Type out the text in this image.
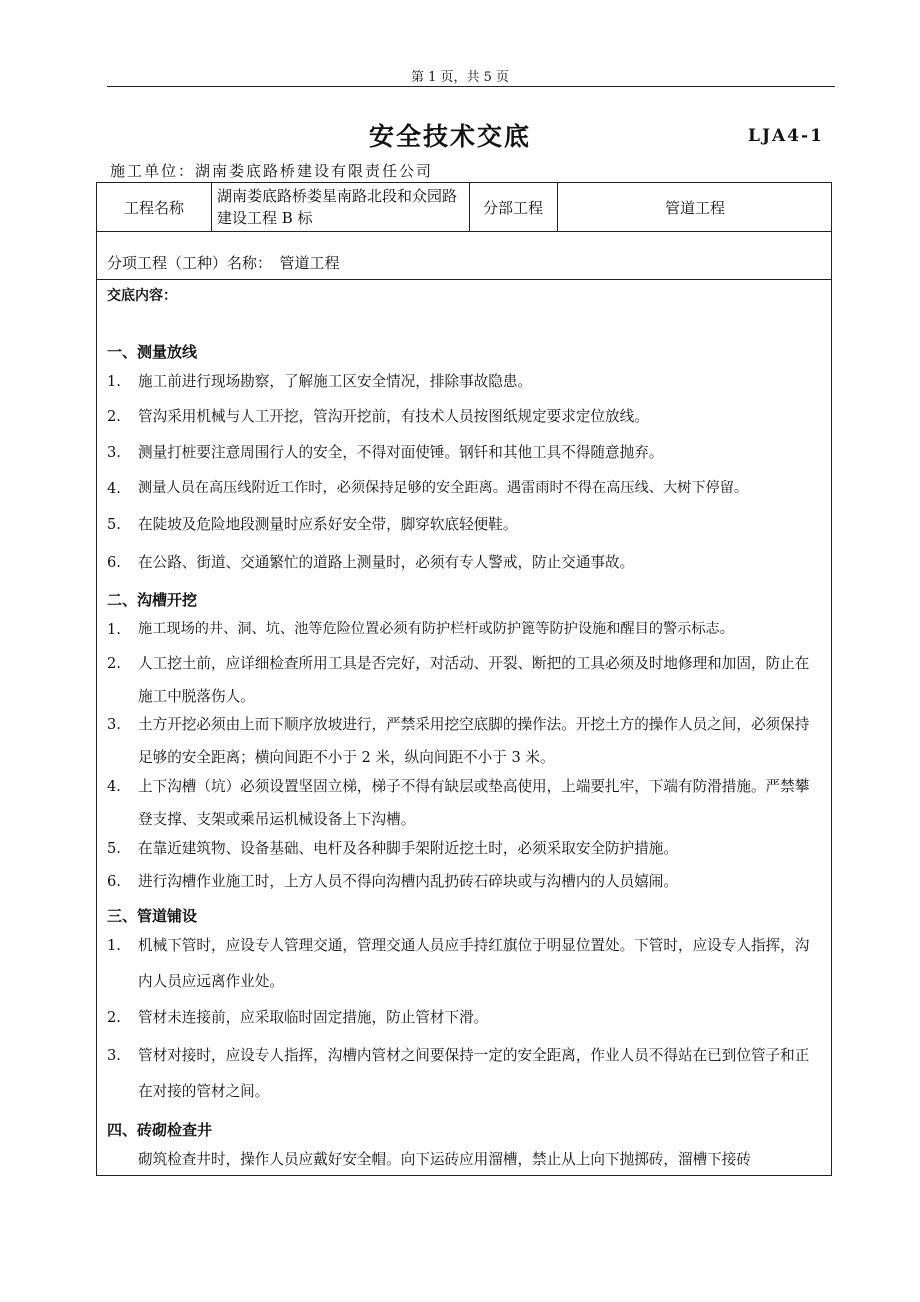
第 1 页，共 5 页
安全技术交底	LJA4-1
施工单位：湖南娄底路桥建设有限责任公司
工程名称
湖南娄底路桥娄星南路北段和众园路建设工程 B 标
分部工程	管道工程
分项工程（工种）名称：　管道工程
交底内容：
一、测量放线
1. 施工前进行现场勘察，了解施工区安全情况，排除事故隐患。
2. 管沟采用机械与人工开挖，管沟开挖前，有技术人员按图纸规定要求定位放线。
3. 测量打桩要注意周围行人的安全，不得对面使锤。钢钎和其他工具不得随意抛弃。
4. 测量人员在高压线附近工作时，必须保持足够的安全距离。遇雷雨时不得在高压线、大树下停留。
5. 在陡坡及危险地段测量时应系好安全带，脚穿软底轻便鞋。
6. 在公路、街道、交通繁忙的道路上测量时，必须有专人警戒，防止交通事故。
二、沟槽开挖
1. 施工现场的井、洞、坑、池等危险位置必须有防护栏杆或防护篦等防护设施和醒目的警示标志。
2. 人工挖土前，应详细检查所用工具是否完好，对活动、开裂、断把的工具必须及时地修理和加固，防止在施工中脱落伤人。
3. 土方开挖必须由上而下顺序放坡进行，严禁采用挖空底脚的操作法。开挖土方的操作人员之间，必须保持足够的安全距离；横向间距不小于 2 米，纵向间距不小于 3 米。
4. 上下沟槽（坑）必须设置坚固立梯，梯子不得有缺层或垫高使用，上端要扎牢，下端有防滑措施。严禁攀登支撑、支架或乘吊运机械设备上下沟槽。
5. 在靠近建筑物、设备基础、电杆及各种脚手架附近挖土时，必须采取安全防护措施。
6. 进行沟槽作业施工时，上方人员不得向沟槽内乱扔砖石碎块或与沟槽内的人员嬉闹。
三、管道铺设
1. 机械下管时，应设专人管理交通，管理交通人员应手持红旗位于明显位置处。下管时，应设专人指挥，沟内人员应远离作业处。
2. 管材未连接前，应采取临时固定措施，防止管材下滑。
3. 管材对接时，应设专人指挥，沟槽内管材之间要保持一定的安全距离，作业人员不得站在已到位管子和正在对接的管材之间。
四、砖砌检查井
砌筑检查井时，操作人员应戴好安全帽。向下运砖应用溜槽，禁止从上向下抛掷砖，溜槽下接砖
